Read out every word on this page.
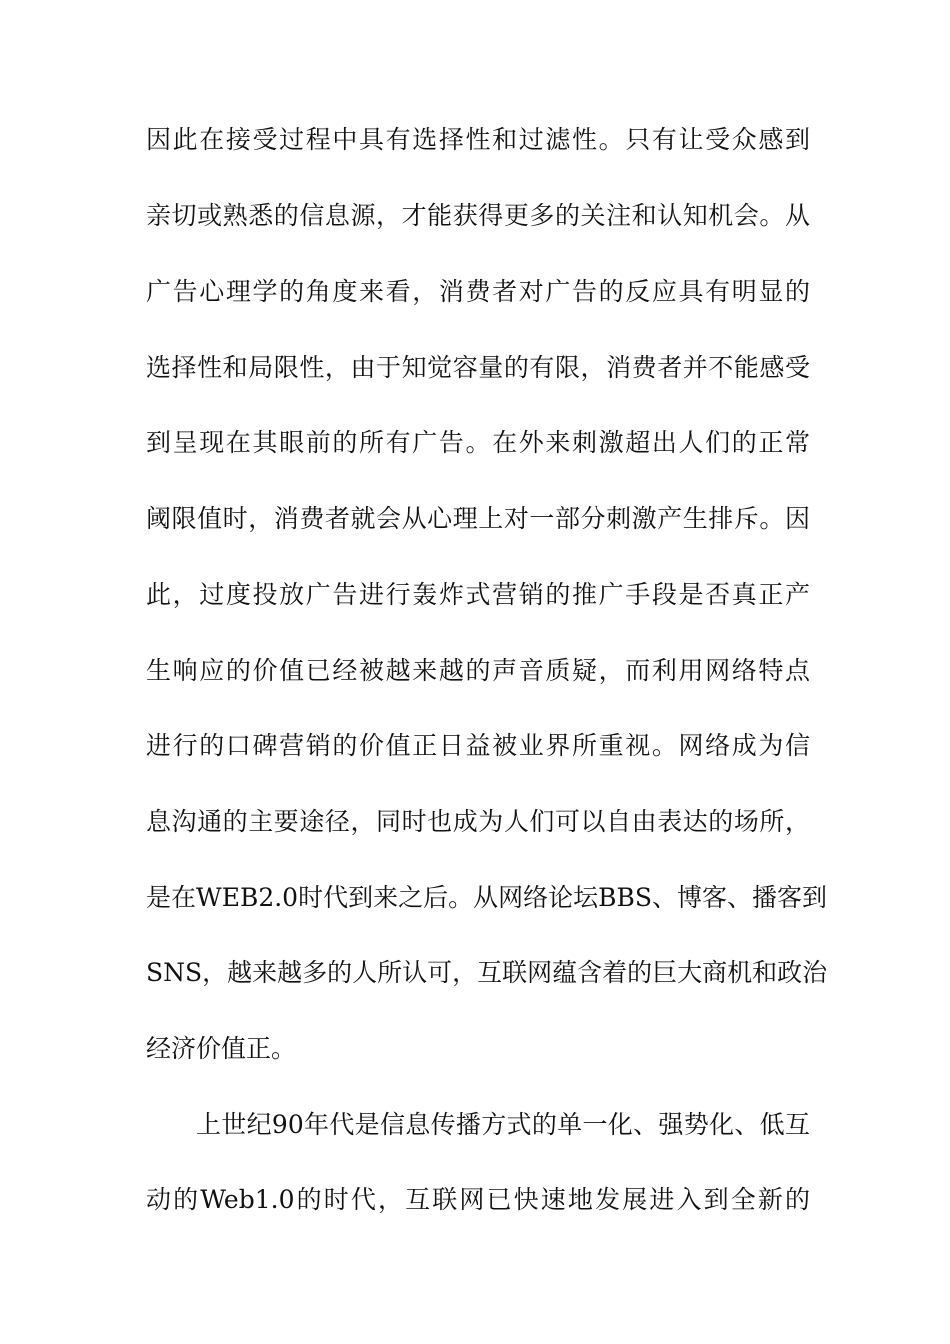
因此在接受过程中具有选择性和过滤性。只有让受众感到
亲切或熟悉的信息源，才能获得更多的关注和认知机会。从
广告心理学的角度来看，消费者对广告的反应具有明显的
选择性和局限性，由于知觉容量的有限，消费者并不能感受
到呈现在其眼前的所有广告。在外来刺激超出人们的正常
阈限值时，消费者就会从心理上对一部分刺激产生排斥。因
此，过度投放广告进行轰炸式营销的推广手段是否真正产
生响应的价值已经被越来越的声音质疑，而利用网络特点
进行的口碑营销的价值正日益被业界所重视。网络成为信
息沟通的主要途径，同时也成为人们可以自由表达的场所，
是在WEB2.0时代到来之后。从网络论坛BBS、博客、播客到
SNS，越来越多的人所认可，互联网蕴含着的巨大商机和政治
经济价值正。
上世纪90年代是信息传播方式的单一化、强势化、低互
动的Web1.0的时代，互联网已快速地发展进入到全新的
